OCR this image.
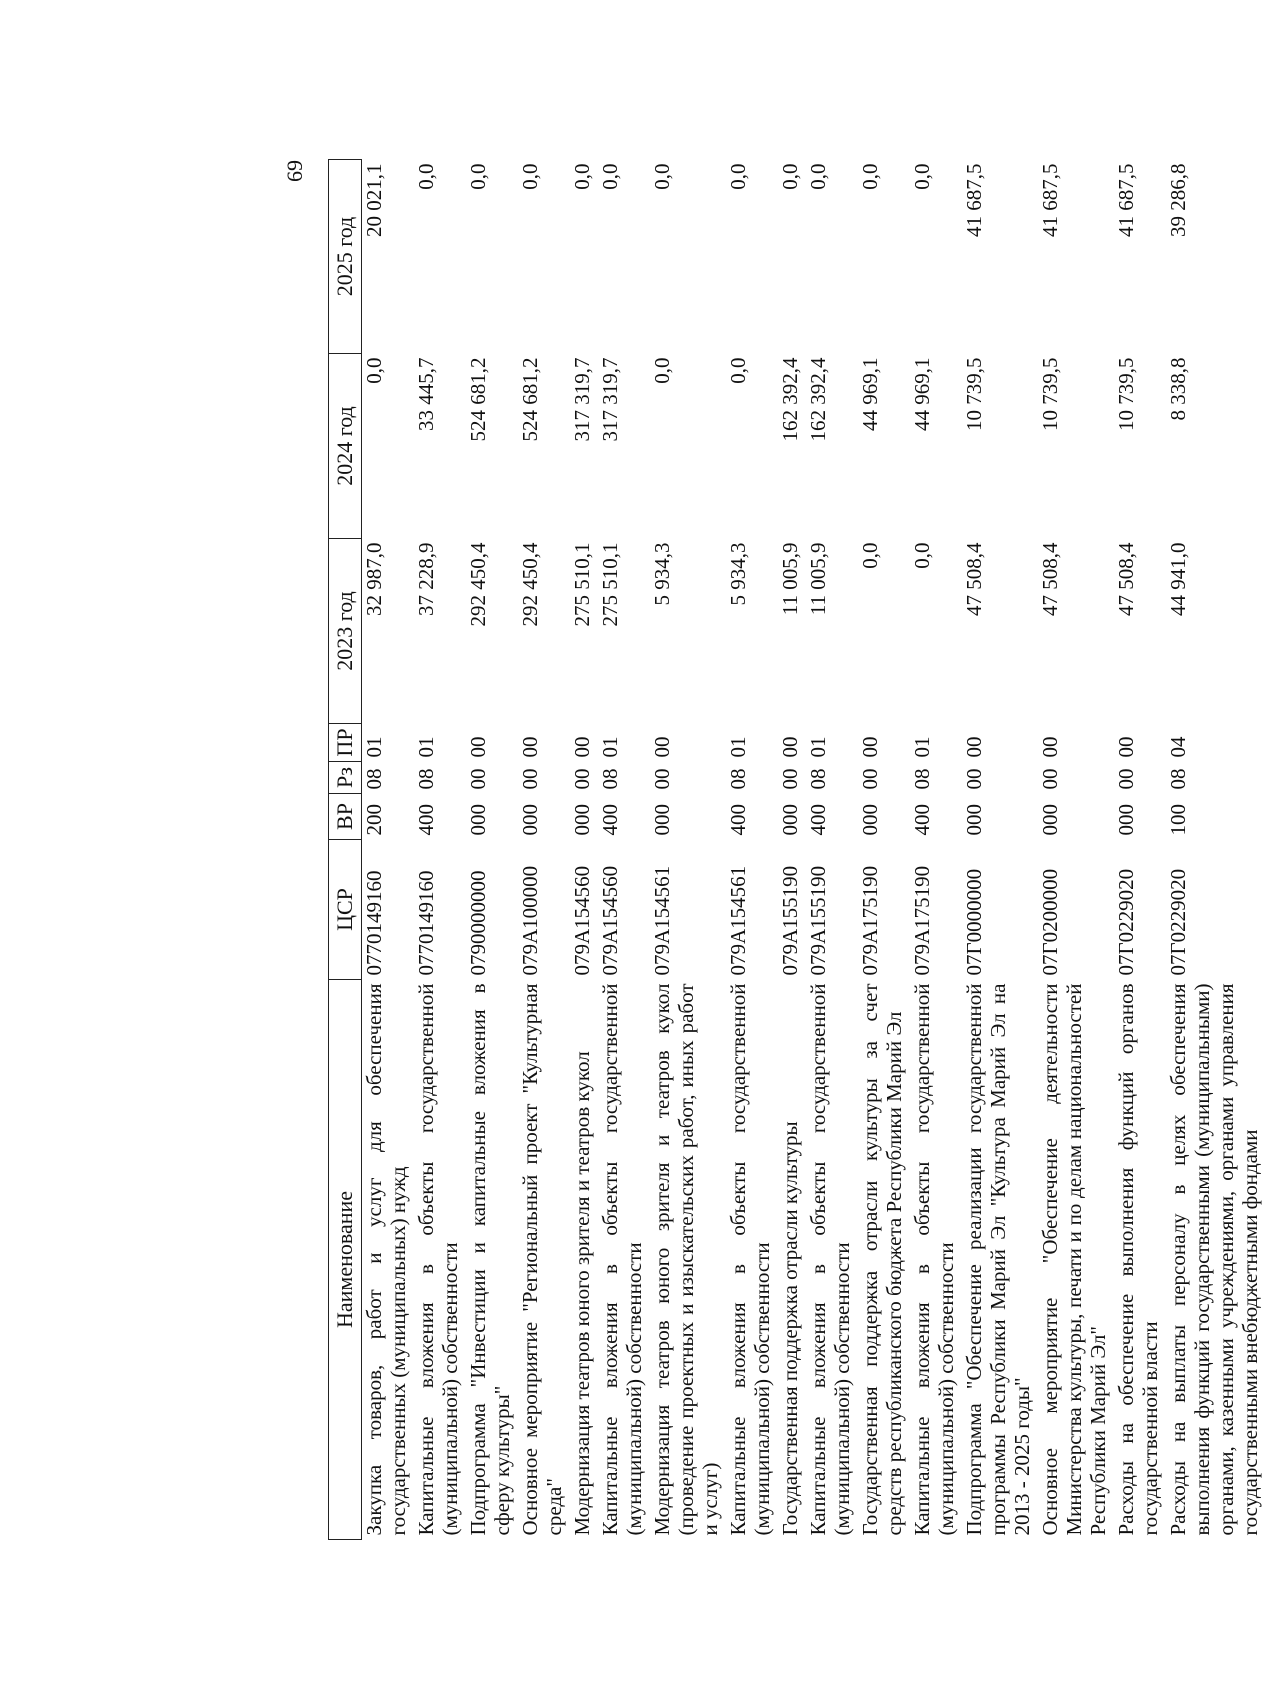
69
Наименование	ЦСР	ВР	Рз	ПР	2023 год	2024 год	2025 год
Закупка товаров, работ и услуг для обеспечения государственных (муниципальных) нужд	0770149160	200	08	01	32 987,0	0,0	20 021,1
Капитальные вложения в объекты государственной (муниципальной) собственности	0770149160	400	08	01	37 228,9	33 445,7	0,0
Подпрограмма "Инвестиции и капитальные вложения в сферу культуры"	0790000000	000	00	00	292 450,4	524 681,2	0,0
Основное мероприятие "Региональный проект "Культурная среда"	079A100000	000	00	00	292 450,4	524 681,2	0,0
Модернизация театров юного зрителя и театров кукол	079A154560	000	00	00	275 510,1	317 319,7	0,0
Капитальные вложения в объекты государственной (муниципальной) собственности	079A154560	400	08	01	275 510,1	317 319,7	0,0
Модернизация театров юного зрителя и театров кукол (проведение проектных и изыскательских работ, иных работ и услуг)	079A154561	000	00	00	5 934,3	0,0	0,0
Капитальные вложения в объекты государственной (муниципальной) собственности	079A154561	400	08	01	5 934,3	0,0	0,0
Государственная поддержка отрасли культуры	079A155190	000	00	00	11 005,9	162 392,4	0,0
Капитальные вложения в объекты государственной (муниципальной) собственности	079A155190	400	08	01	11 005,9	162 392,4	0,0
Государственная поддержка отрасли культуры за счет средств республиканского бюджета Республики Марий Эл	079A175190	000	00	00	0,0	44 969,1	0,0
Капитальные вложения в объекты государственной (муниципальной) собственности	079A175190	400	08	01	0,0	44 969,1	0,0
Подпрограмма "Обеспечение реализации государственной программы Республики Марий Эл "Культура Марий Эл на 2013 - 2025 годы"	07Г0000000	000	00	00	47 508,4	10 739,5	41 687,5
Основное мероприятие "Обеспечение деятельности Министерства культуры, печати и по делам национальностей Республики Марий Эл"	07Г0200000	000	00	00	47 508,4	10 739,5	41 687,5
Расходы на обеспечение выполнения функций органов государственной власти	07Г0229020	000	00	00	47 508,4	10 739,5	41 687,5
Расходы на выплаты персоналу в целях обеспечения выполнения функций государственными (муниципальными) органами, казенными учреждениями, органами управления государственными внебюджетными фондами	07Г0229020	100	08	04	44 941,0	8 338,8	39 286,8
